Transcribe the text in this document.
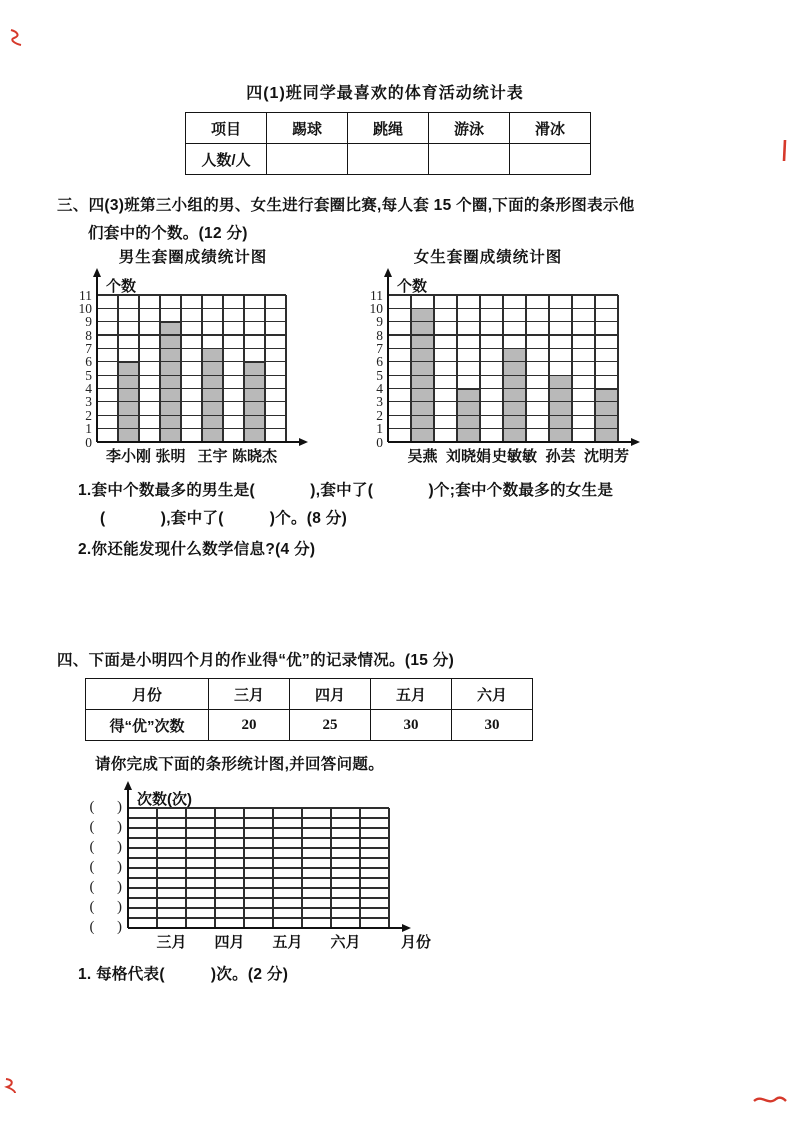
四(1)班同学最喜欢的体育活动统计表
项目	踢球	跳绳	游泳	滑冰
人数/人				
三、四(3)班第三小组的男、女生进行套圈比赛,每人套 15 个圈,下面的条形图表示他
们套中的个数。(12 分)
男生套圈成绩统计图	女生套圈成绩统计图
个数
11
10
9
8
7
6
5
4
3
2
1
0
李小刚 张明 王宇 陈晓杰
个数
11
10
9
8
7
6
5
4
3
2
1
0
吴燕 刘晓娟 史敏敏 孙芸 沈明芳
1.套中个数最多的男生是(            ),套中了(            )个;套中个数最多的女生是
(            ),套中了(          )个。(8 分)
2.你还能发现什么数学信息?(4 分)
四、下面是小明四个月的作业得“优”的记录情况。(15 分)
月份	三月	四月	五月	六月
得“优”次数	20	25	30	30
请你完成下面的条形统计图,并回答问题。
次数(次)
(      )
(      )
(      )
(      )
(      )
(      )
(      )
三月 四月 五月 六月	月份
1. 每格代表(          )次。(2 分)
